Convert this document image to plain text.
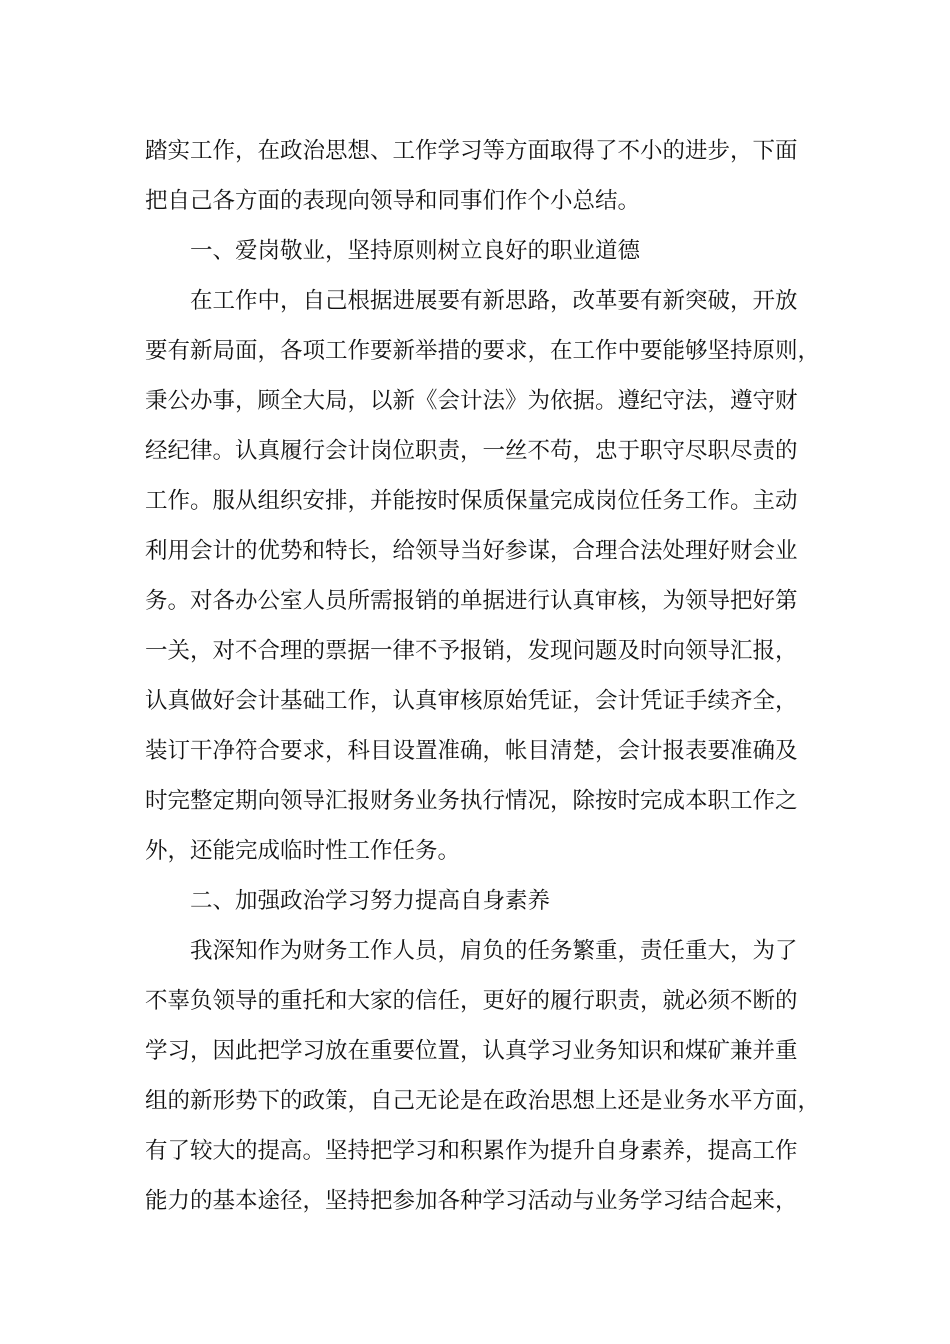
踏实工作，在政治思想、工作学习等方面取得了不小的进步，下面

把自己各方面的表现向领导和同事们作个小总结。

一、爱岗敬业，坚持原则树立良好的职业道德

在工作中，自己根据进展要有新思路，改革要有新突破，开放

要有新局面，各项工作要新举措的要求，在工作中要能够坚持原则，

秉公办事，顾全大局，以新《会计法》为依据。遵纪守法，遵守财

经纪律。认真履行会计岗位职责，一丝不苟，忠于职守尽职尽责的

工作。服从组织安排，并能按时保质保量完成岗位任务工作。主动

利用会计的优势和特长，给领导当好参谋，合理合法处理好财会业

务。对各办公室人员所需报销的单据进行认真审核，为领导把好第

一关，对不合理的票据一律不予报销，发现问题及时向领导汇报，

认真做好会计基础工作，认真审核原始凭证，会计凭证手续齐全，

装订干净符合要求，科目设置准确，帐目清楚，会计报表要准确及

时完整定期向领导汇报财务业务执行情况，除按时完成本职工作之

外，还能完成临时性工作任务。

二、加强政治学习努力提高自身素养

我深知作为财务工作人员，肩负的任务繁重，责任重大，为了

不辜负领导的重托和大家的信任，更好的履行职责，就必须不断的

学习，因此把学习放在重要位置，认真学习业务知识和煤矿兼并重

组的新形势下的政策，自己无论是在政治思想上还是业务水平方面，

有了较大的提高。坚持把学习和积累作为提升自身素养，提高工作

能力的基本途径，坚持把参加各种学习活动与业务学习结合起来，
